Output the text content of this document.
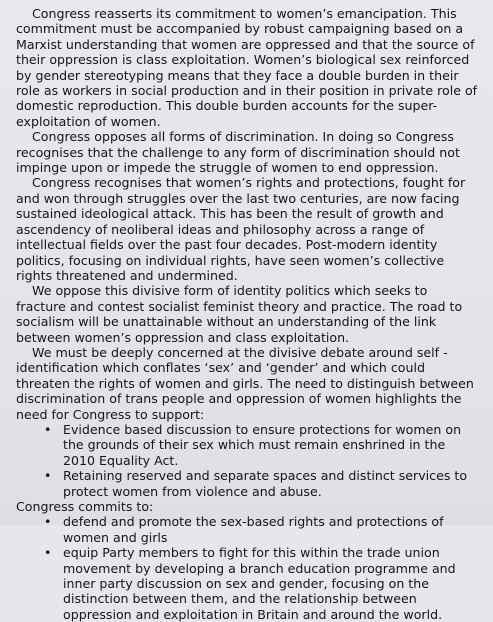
Congress reasserts its commitment to women’s emancipation. This commitment must be accompanied by robust campaigning based on a Marxist understanding that women are oppressed and that the source of their oppression is class exploitation. Women’s biological sex reinforced by gender stereotyping means that they face a double burden in their role as workers in social production and in their position in private role of domestic reproduction. This double burden accounts for the super-exploitation of women.

Congress opposes all forms of discrimination. In doing so Congress recognises that the challenge to any form of discrimination should not impinge upon or impede the struggle of women to end oppression.

Congress recognises that women’s rights and protections, fought for and won through struggles over the last two centuries, are now facing sustained ideological attack. This has been the result of growth and ascendency of neoliberal ideas and philosophy across a range of intellectual fields over the past four decades. Post-modern identity politics, focusing on individual rights, have seen women’s collective rights threatened and undermined.

We oppose this divisive form of identity politics which seeks to fracture and contest socialist feminist theory and practice. The road to socialism will be unattainable without an understanding of the link between women’s oppression and class exploitation.

We must be deeply concerned at the divisive debate around self -identification which conflates ‘sex’ and ‘gender’ and which could threaten the rights of women and girls. The need to distinguish between discrimination of trans people and oppression of women highlights the need for Congress to support:

• Evidence based discussion to ensure protections for women on the grounds of their sex which must remain enshrined in the 2010 Equality Act.
• Retaining reserved and separate spaces and distinct services to protect women from violence and abuse.

Congress commits to:

• defend and promote the sex-based rights and protections of women and girls
• equip Party members to fight for this within the trade union movement by developing a branch education programme and inner party discussion on sex and gender, focusing on the distinction between them, and the relationship between oppression and exploitation in Britain and around the world.
